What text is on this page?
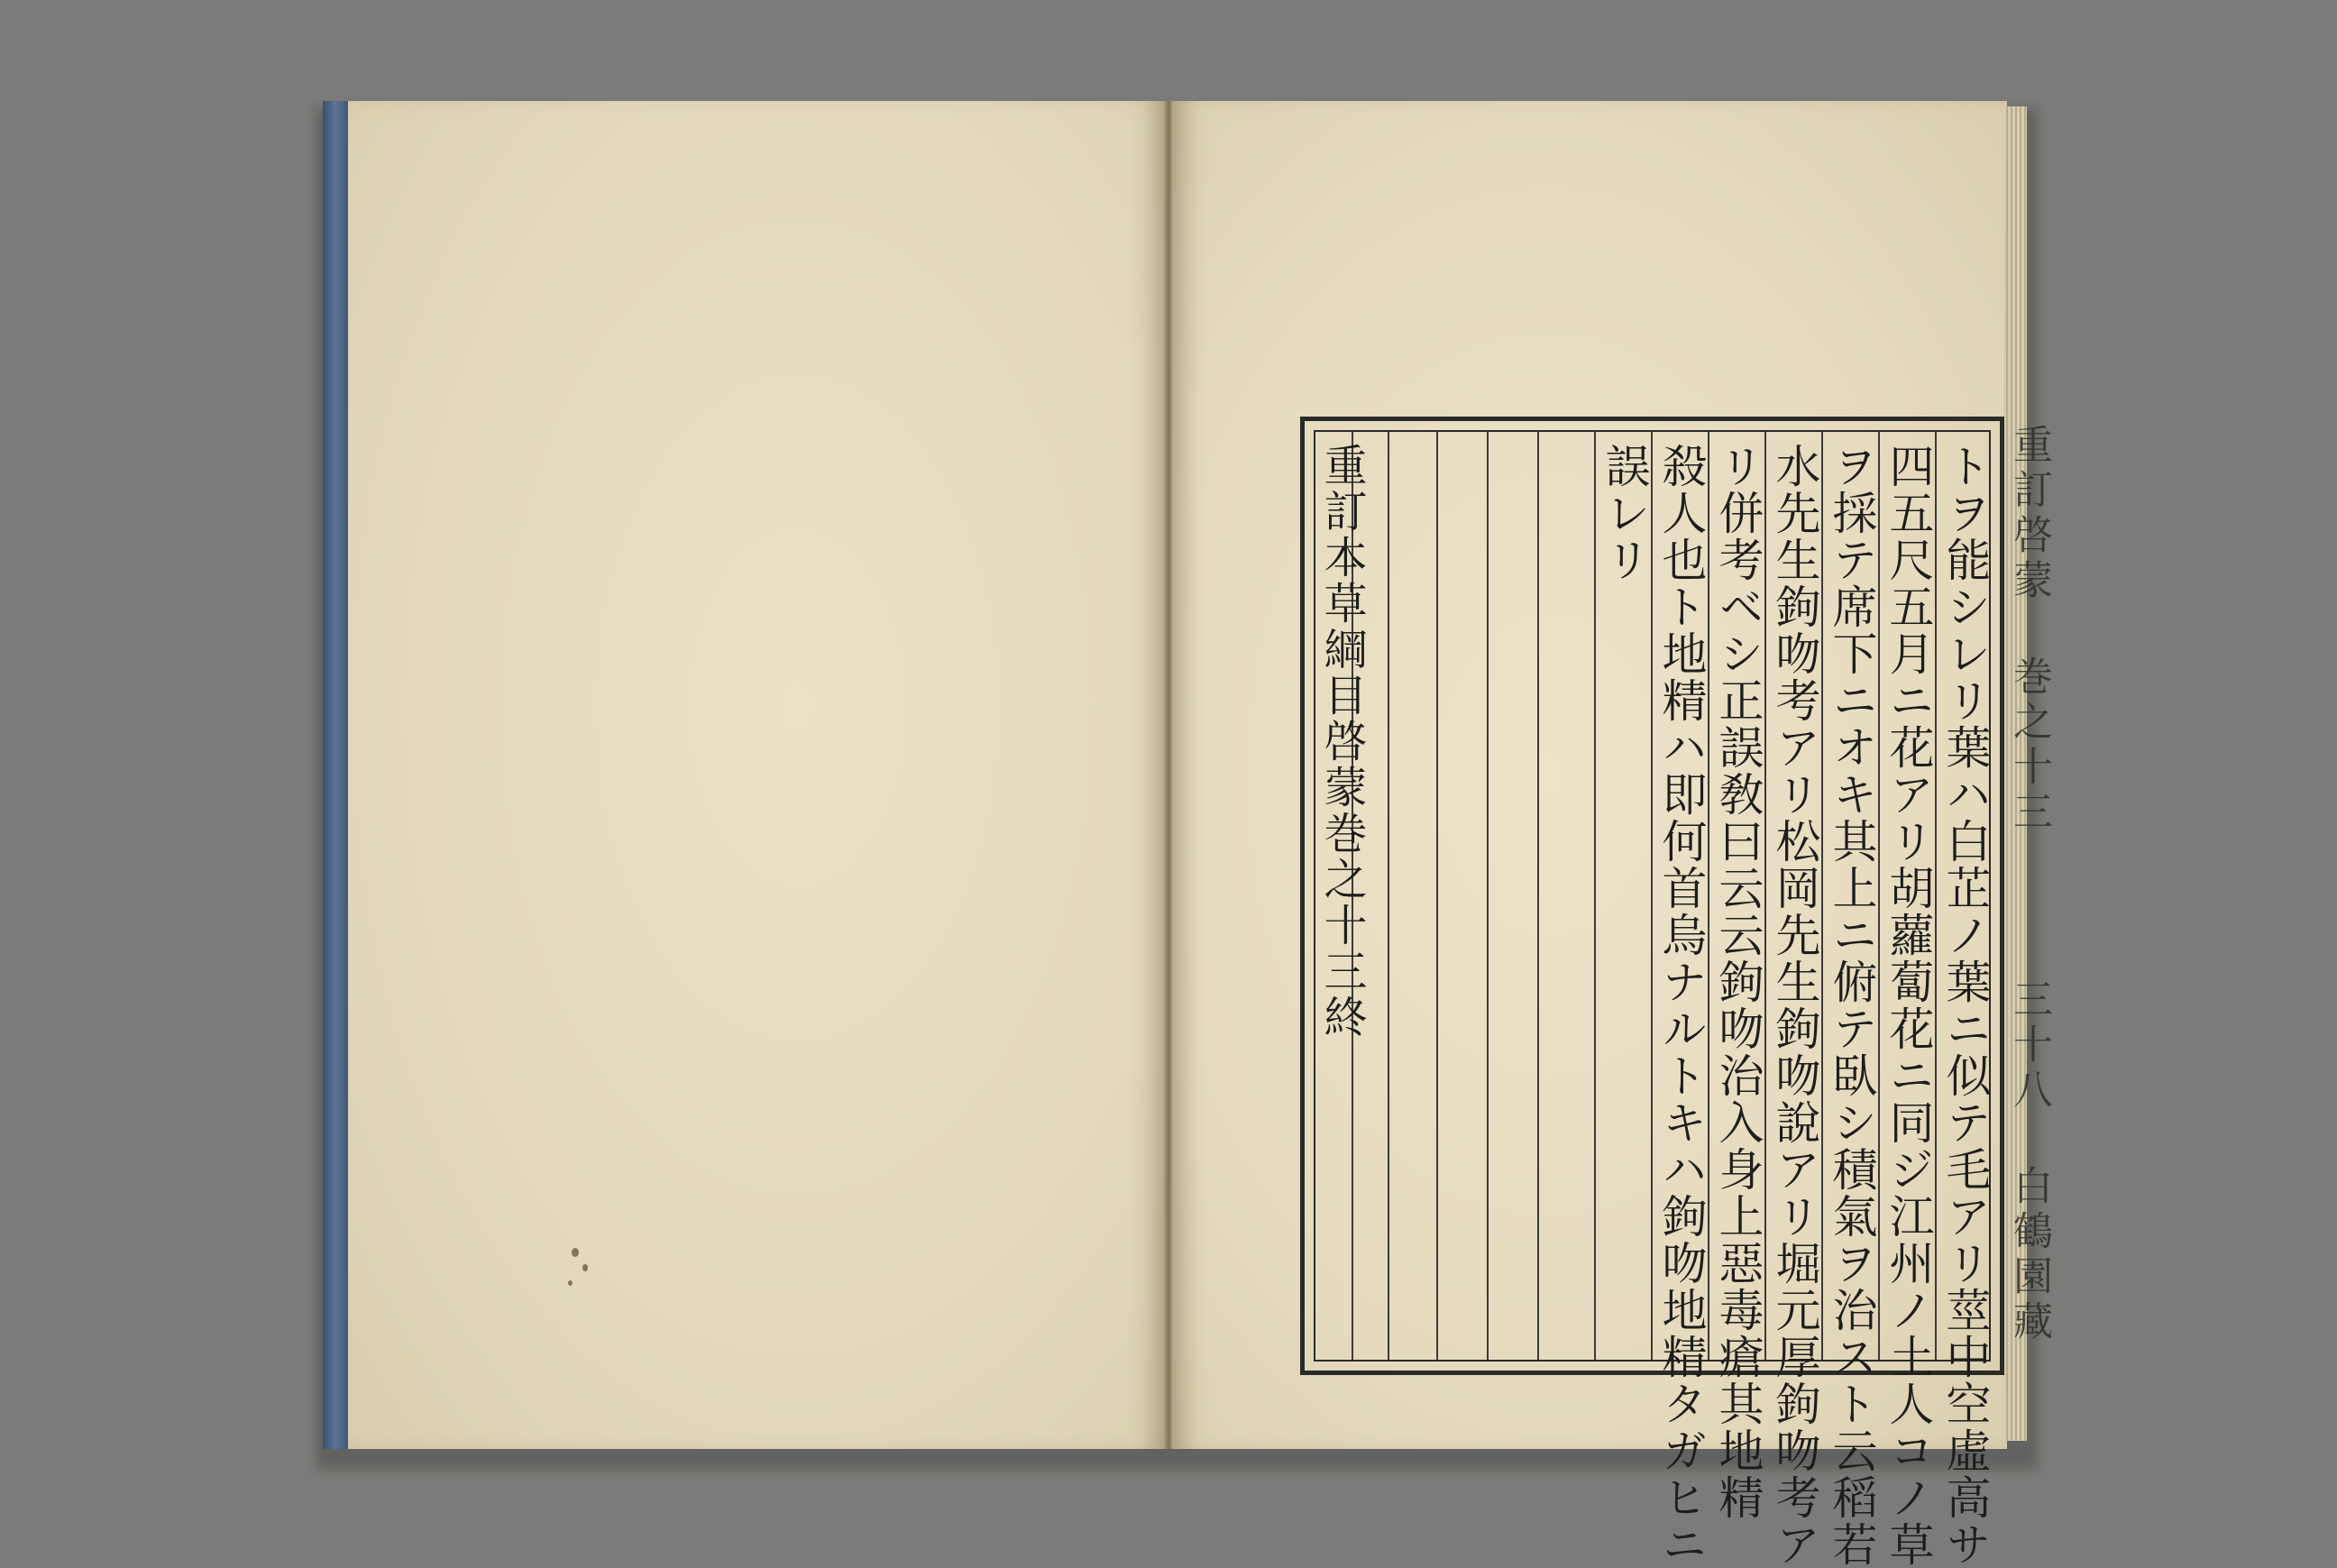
重訂啓蒙 巻之十三
三十八 白鶴園藏
トヲ能シレリ葉ハ白芷ノ葉ニ似テ毛アリ莖中空虛高サ
四五尺五月ニ花アリ胡蘿蔔花ニ同ジ江州ノ土人コノ草
ヲ採テ席下ニオキ其上ニ俯テ臥シ積氣ヲ治スト云稻若
水先生鉤吻考アリ松岡先生鉤吻說アリ堀元厚鉤吻考ア
リ併考ベシ正誤敎曰云云鉤吻治入身上惡毒瘡其地精
殺人也ト地精ハ即何首烏ナルトキハ鉤吻地精タガヒニ
誤レリ
重訂本草綱目啓蒙巻之十三終
